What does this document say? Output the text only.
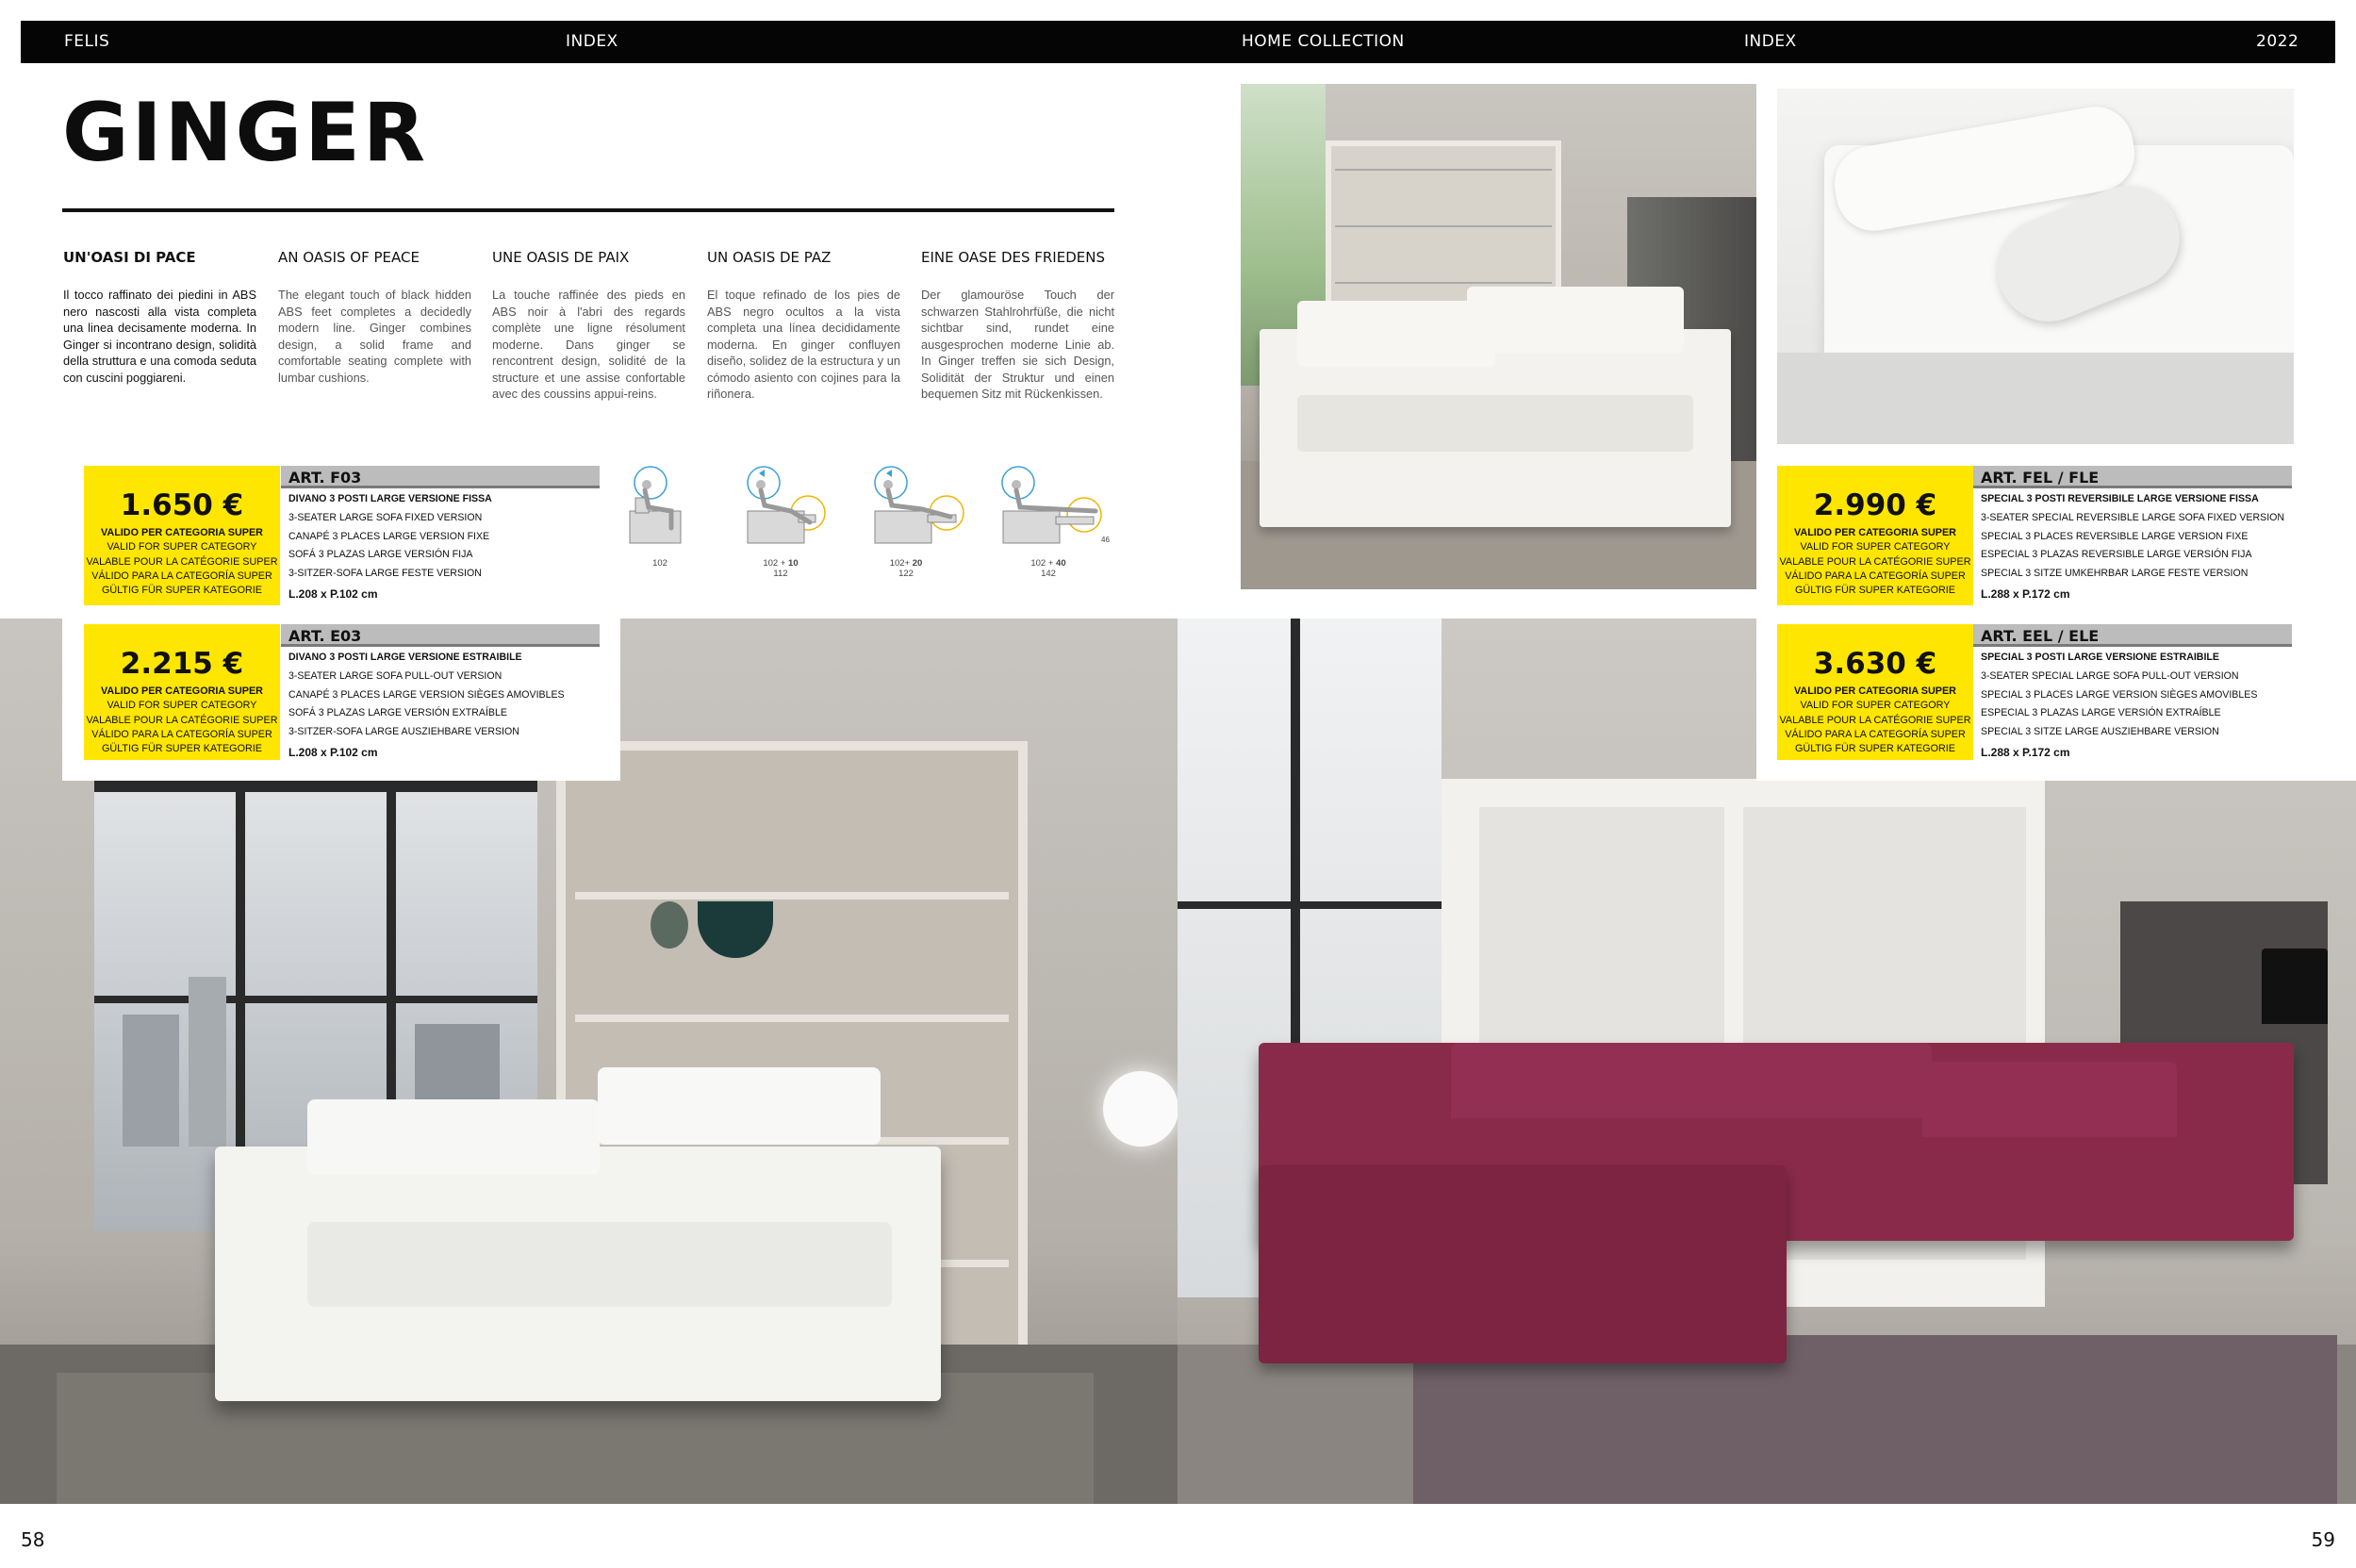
FELIS	INDEX	HOME COLLECTION	INDEX	2022
GINGER
UN'OASI DI PACE

Il tocco raffinato dei piedini in ABS nero nascosti alla vista completa una linea decisamente moderna. In Ginger si incontrano design, solidità della struttura e una comoda seduta con cuscini poggiareni.

AN OASIS OF PEACE

The elegant touch of black hidden ABS feet completes a decidedly modern line. Ginger combines design, a solid frame and comfortable seating complete with lumbar cushions.

UNE OASIS DE PAIX

La touche raffinée des pieds en ABS noir à l'abri des regards complète une ligne résolument moderne. Dans ginger se rencontrent design, solidité de la structure et une assise confortable avec des coussins appui-reins.

UN OASIS DE PAZ

El toque refinado de los pies de ABS negro ocultos a la vista completa una línea decididamente moderna. En ginger confluyen diseño, solidez de la estructura y un cómodo asiento con cojines para la riñonera.

EINE OASE DES FRIEDENS

Der glamouröse Touch der schwarzen Stahlrohrfüße, die nicht sichtbar sind, rundet eine ausgesprochen moderne Linie ab. In Ginger treffen sie sich Design, Solidität der Struktur und einen bequemen Sitz mit Rückenkissen.

102	102 + 10
112
102+ 20
122
46
102 + 40
142
1.650 €
VALIDO PER CATEGORIA SUPER
VALID FOR SUPER CATEGORY
VALABLE POUR LA CATÉGORIE SUPER
VÁLIDO PARA LA CATEGORÍA SUPER
GÜLTIG FÜR SUPER KATEGORIE
ART. F03
DIVANO 3 POSTI LARGE VERSIONE FISSA
3-SEATER LARGE SOFA FIXED VERSION
CANAPÉ 3 PLACES LARGE VERSION FIXE
SOFÁ 3 PLAZAS LARGE VERSIÓN FIJA
3-SITZER-SOFA LARGE FESTE VERSION
L.208 x P.102 cm
2.215 €
VALIDO PER CATEGORIA SUPER
VALID FOR SUPER CATEGORY
VALABLE POUR LA CATÉGORIE SUPER
VÁLIDO PARA LA CATEGORÍA SUPER
GÜLTIG FÜR SUPER KATEGORIE
ART. E03
DIVANO 3 POSTI LARGE VERSIONE ESTRAIBILE
3-SEATER LARGE SOFA PULL-OUT VERSION
CANAPÉ 3 PLACES LARGE VERSION SIÈGES AMOVIBLES
SOFÁ 3 PLAZAS LARGE VERSIÓN EXTRAÍBLE
3-SITZER-SOFA LARGE AUSZIEHBARE VERSION
L.208 x P.102 cm
2.990 €
VALIDO PER CATEGORIA SUPER
VALID FOR SUPER CATEGORY
VALABLE POUR LA CATÉGORIE SUPER
VÁLIDO PARA LA CATEGORÍA SUPER
GÜLTIG FÜR SUPER KATEGORIE
ART. FEL / FLE
SPECIAL 3 POSTI REVERSIBILE LARGE VERSIONE FISSA
3-SEATER SPECIAL REVERSIBLE LARGE SOFA FIXED VERSION
SPECIAL 3 PLACES REVERSIBLE LARGE VERSION FIXE
ESPECIAL 3 PLAZAS REVERSIBLE LARGE VERSIÓN FIJA
SPECIAL 3 SITZE UMKEHRBAR LARGE FESTE VERSION
L.288 x P.172 cm
3.630 €
VALIDO PER CATEGORIA SUPER
VALID FOR SUPER CATEGORY
VALABLE POUR LA CATÉGORIE SUPER
VÁLIDO PARA LA CATEGORÍA SUPER
GÜLTIG FÜR SUPER KATEGORIE
ART. EEL / ELE
SPECIAL 3 POSTI LARGE VERSIONE ESTRAIBILE
3-SEATER SPECIAL LARGE SOFA PULL-OUT VERSION
SPECIAL 3 PLACES LARGE VERSION SIÈGES AMOVIBLES
ESPECIAL 3 PLAZAS LARGE VERSIÓN EXTRAÍBLE
SPECIAL 3 SITZE LARGE AUSZIEHBARE VERSION
L.288 x P.172 cm
58	59
